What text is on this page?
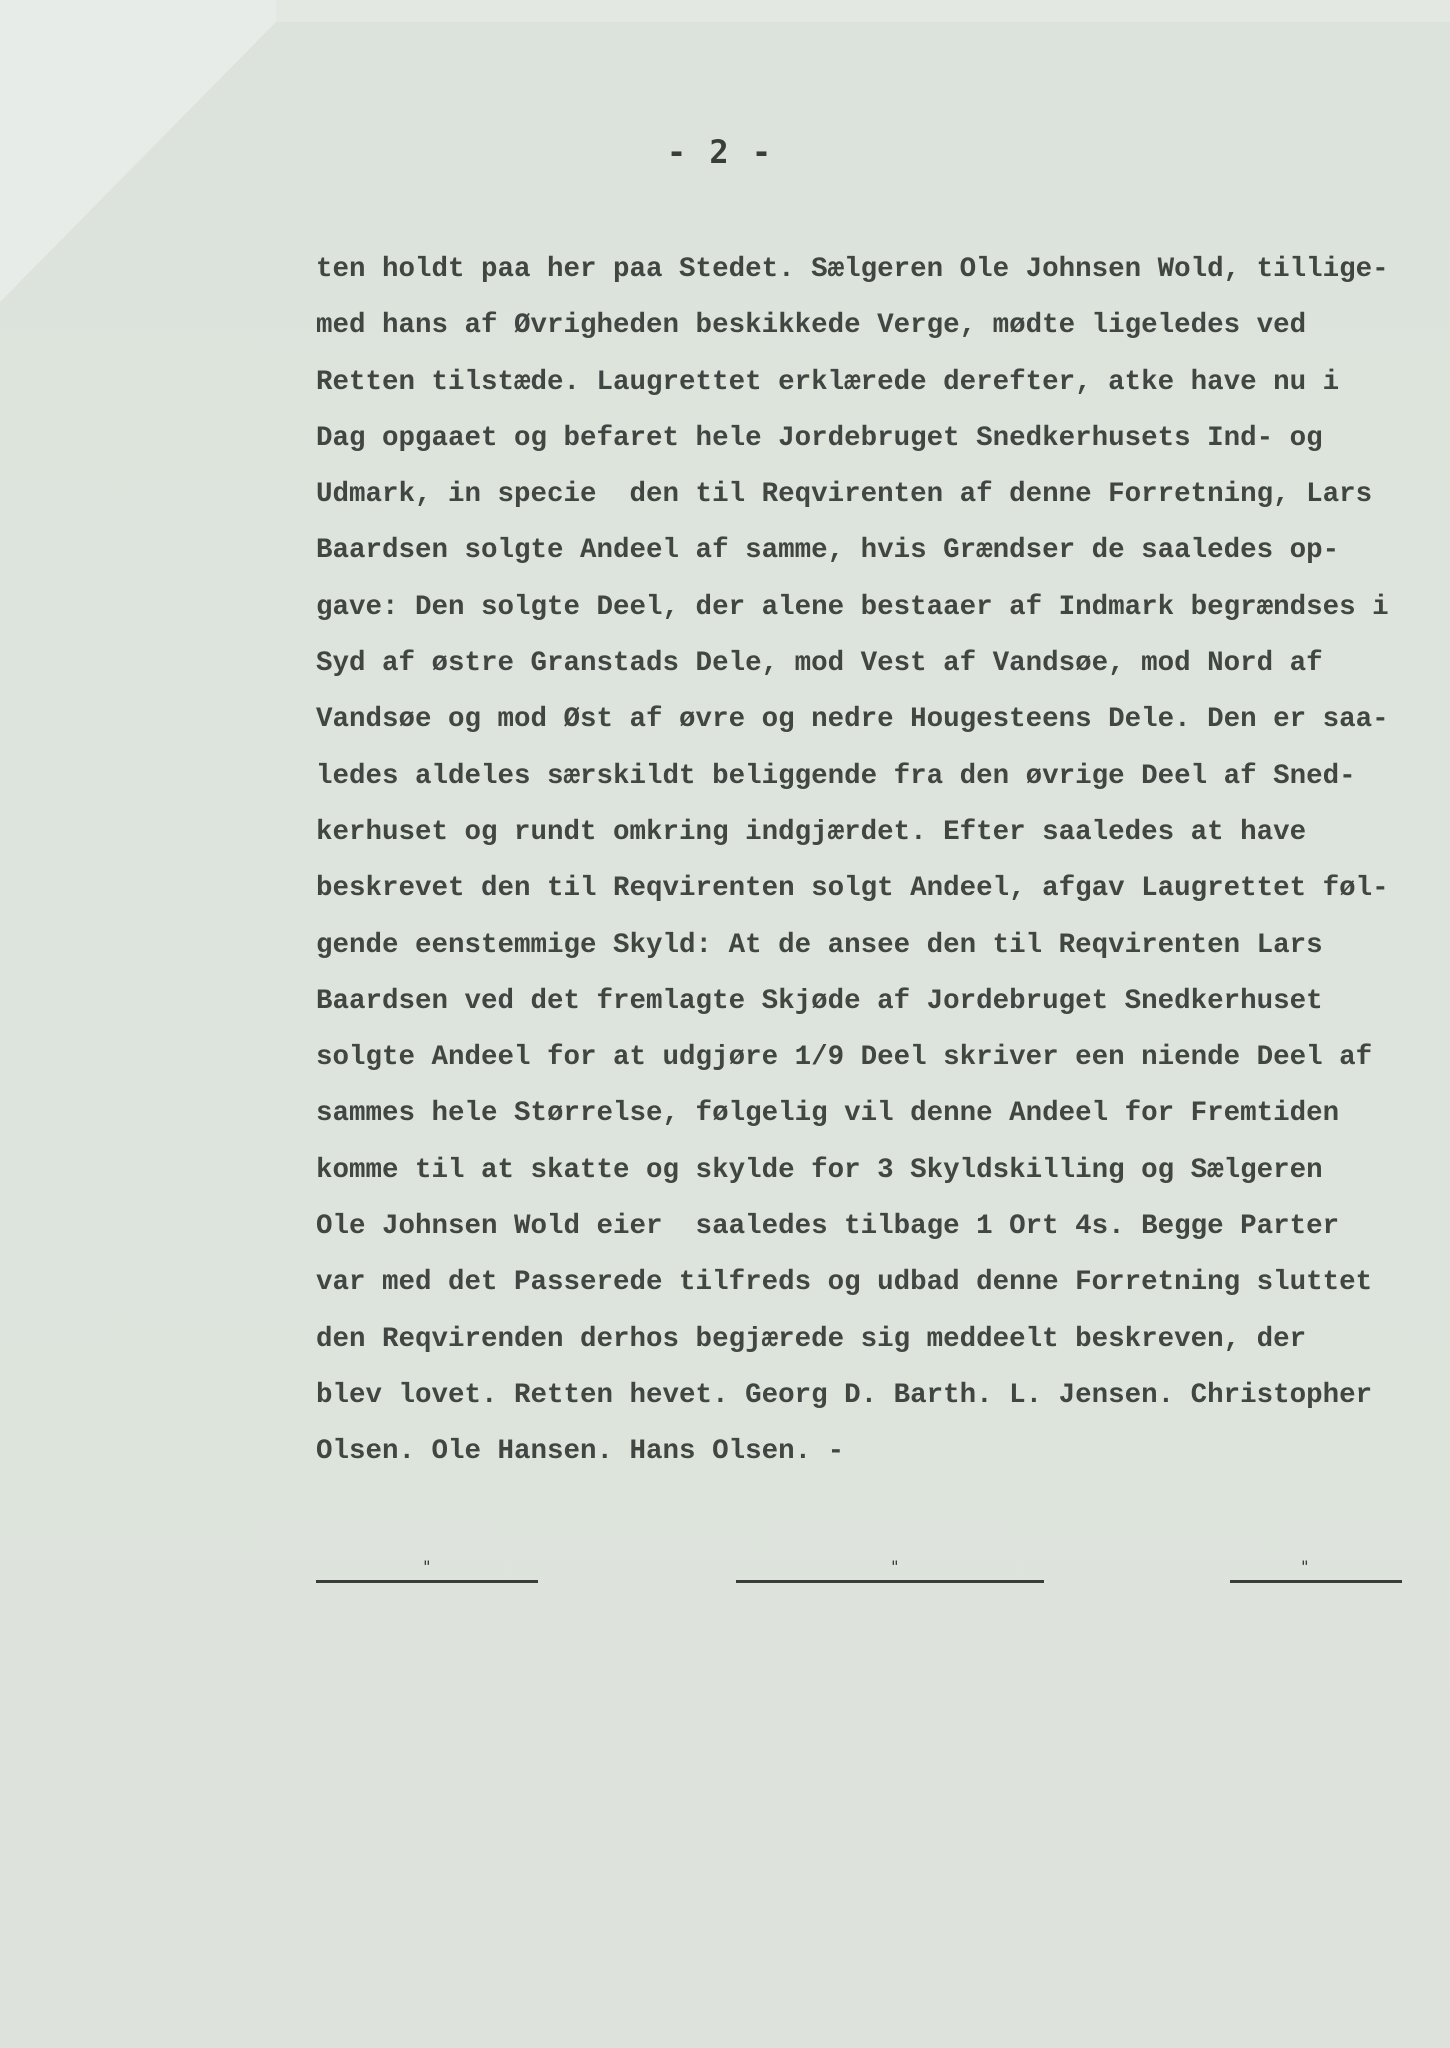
- 2 -
ten holdt paa her paa Stedet. Sælgeren Ole Johnsen Wold, tillige-
med hans af Øvrigheden beskikkede Verge, mødte ligeledes ved
Retten tilstæde. Laugrettet erklærede derefter, atke have nu i
Dag opgaaet og befaret hele Jordebruget Snedkerhusets Ind- og
Udmark, in specie  den til Reqvirenten af denne Forretning, Lars
Baardsen solgte Andeel af samme, hvis Grændser de saaledes op-
gave: Den solgte Deel, der alene bestaaer af Indmark begrændses i
Syd af østre Granstads Dele, mod Vest af Vandsøe, mod Nord af
Vandsøe og mod Øst af øvre og nedre Hougesteens Dele. Den er saa-
ledes aldeles særskildt beliggende fra den øvrige Deel af Sned-
kerhuset og rundt omkring indgjærdet. Efter saaledes at have
beskrevet den til Reqvirenten solgt Andeel, afgav Laugrettet føl-
gende eenstemmige Skyld: At de ansee den til Reqvirenten Lars
Baardsen ved det fremlagte Skjøde af Jordebruget Snedkerhuset
solgte Andeel for at udgjøre 1/9 Deel skriver een niende Deel af
sammes hele Størrelse, følgelig vil denne Andeel for Fremtiden
komme til at skatte og skylde for 3 Skyldskilling og Sælgeren
Ole Johnsen Wold eier  saaledes tilbage 1 Ort 4s. Begge Parter
var med det Passerede tilfreds og udbad denne Forretning sluttet
den Reqvirenden derhos begjærede sig meddeelt beskreven, der
blev lovet. Retten hevet. Georg D. Barth. L. Jensen. Christopher
Olsen. Ole Hansen. Hans Olsen. -
"	"	"
